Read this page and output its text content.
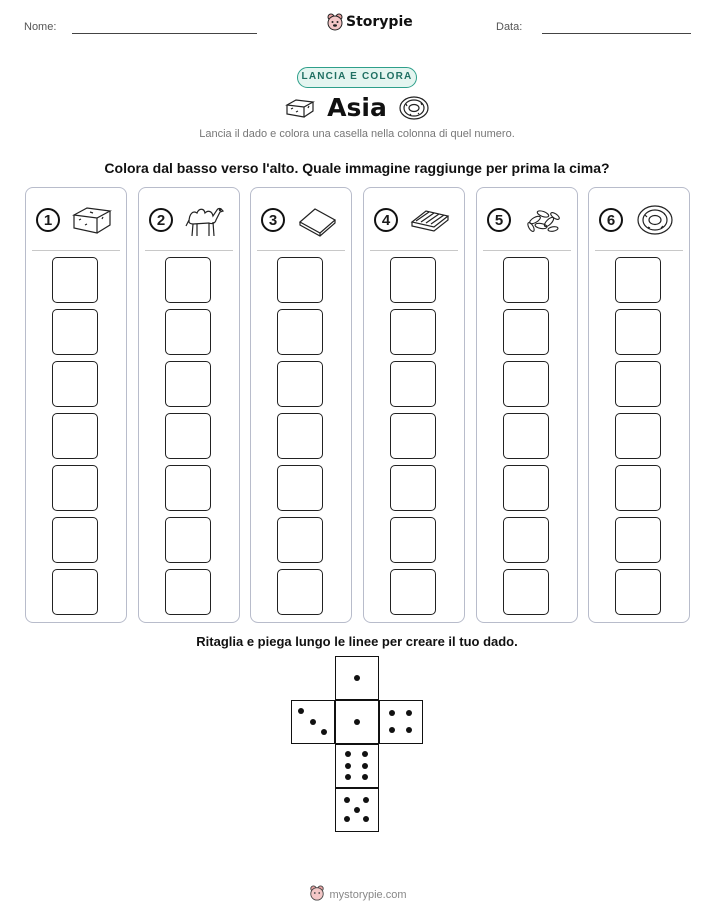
Nome:	Storypie	Data:
LANCIA E COLORA
Asia
Lancia il dado e colora una casella nella colonna di quel numero.
Colora dal basso verso l'alto. Quale immagine raggiunge per prima la cima?
1	2	3	4	5	6
Ritaglia e piega lungo le linee per creare il tuo dado.
mystorypie.com
